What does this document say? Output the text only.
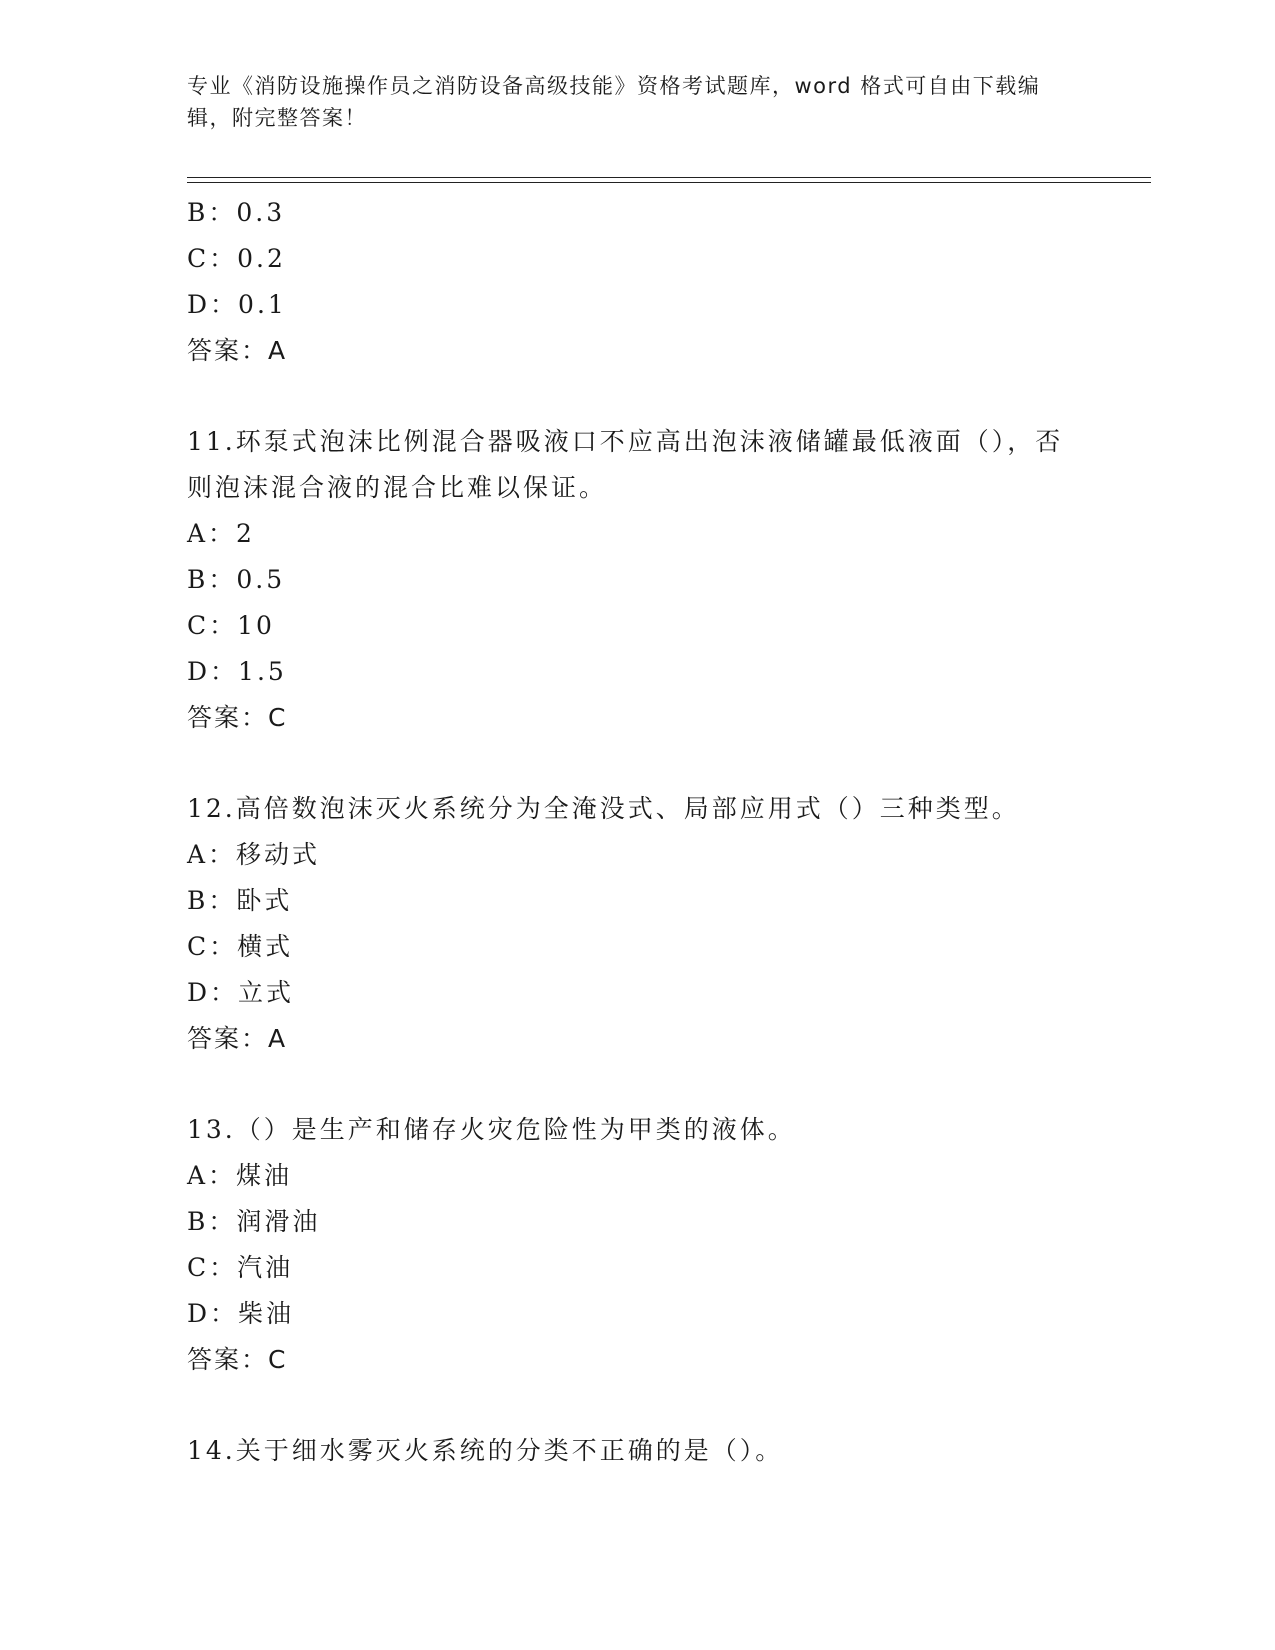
专业《消防设施操作员之消防设备高级技能》资格考试题库，word 格式可自由下载编辑，附完整答案！
B：0.3
C：0.2
D：0.1
答案：A
11.环泵式泡沫比例混合器吸液口不应高出泡沫液储罐最低液面（），否则泡沫混合液的混合比难以保证。
A：2
B：0.5
C：10
D：1.5
答案：C
12.高倍数泡沫灭火系统分为全淹没式、局部应用式（）三种类型。
A：移动式
B：卧式
C：横式
D：立式
答案：A
13.（）是生产和储存火灾危险性为甲类的液体。
A：煤油
B：润滑油
C：汽油
D：柴油
答案：C
14.关于细水雾灭火系统的分类不正确的是（）。
